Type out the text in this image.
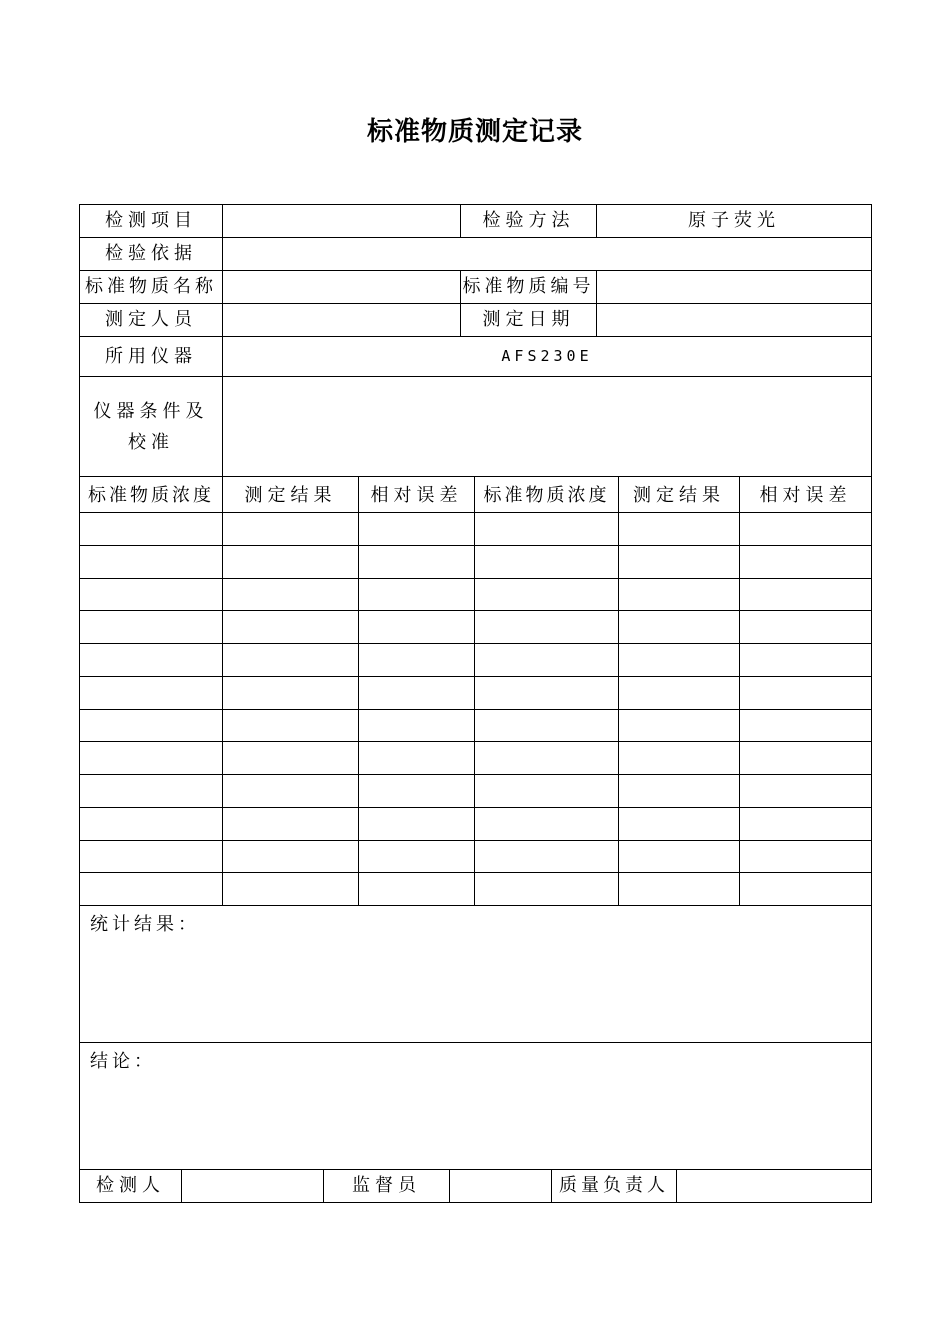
标准物质测定记录
检测项目	检验方法	原子荧光
检验依据
标准物质名称	标准物质编号
测定人员	测定日期
所用仪器	AFS230E
仪器条件及
校准
标准物质浓度	测定结果	相对误差	标准物质浓度	测定结果	相对误差
统计结果：
结论：
检测人	监督员	质量负责人
